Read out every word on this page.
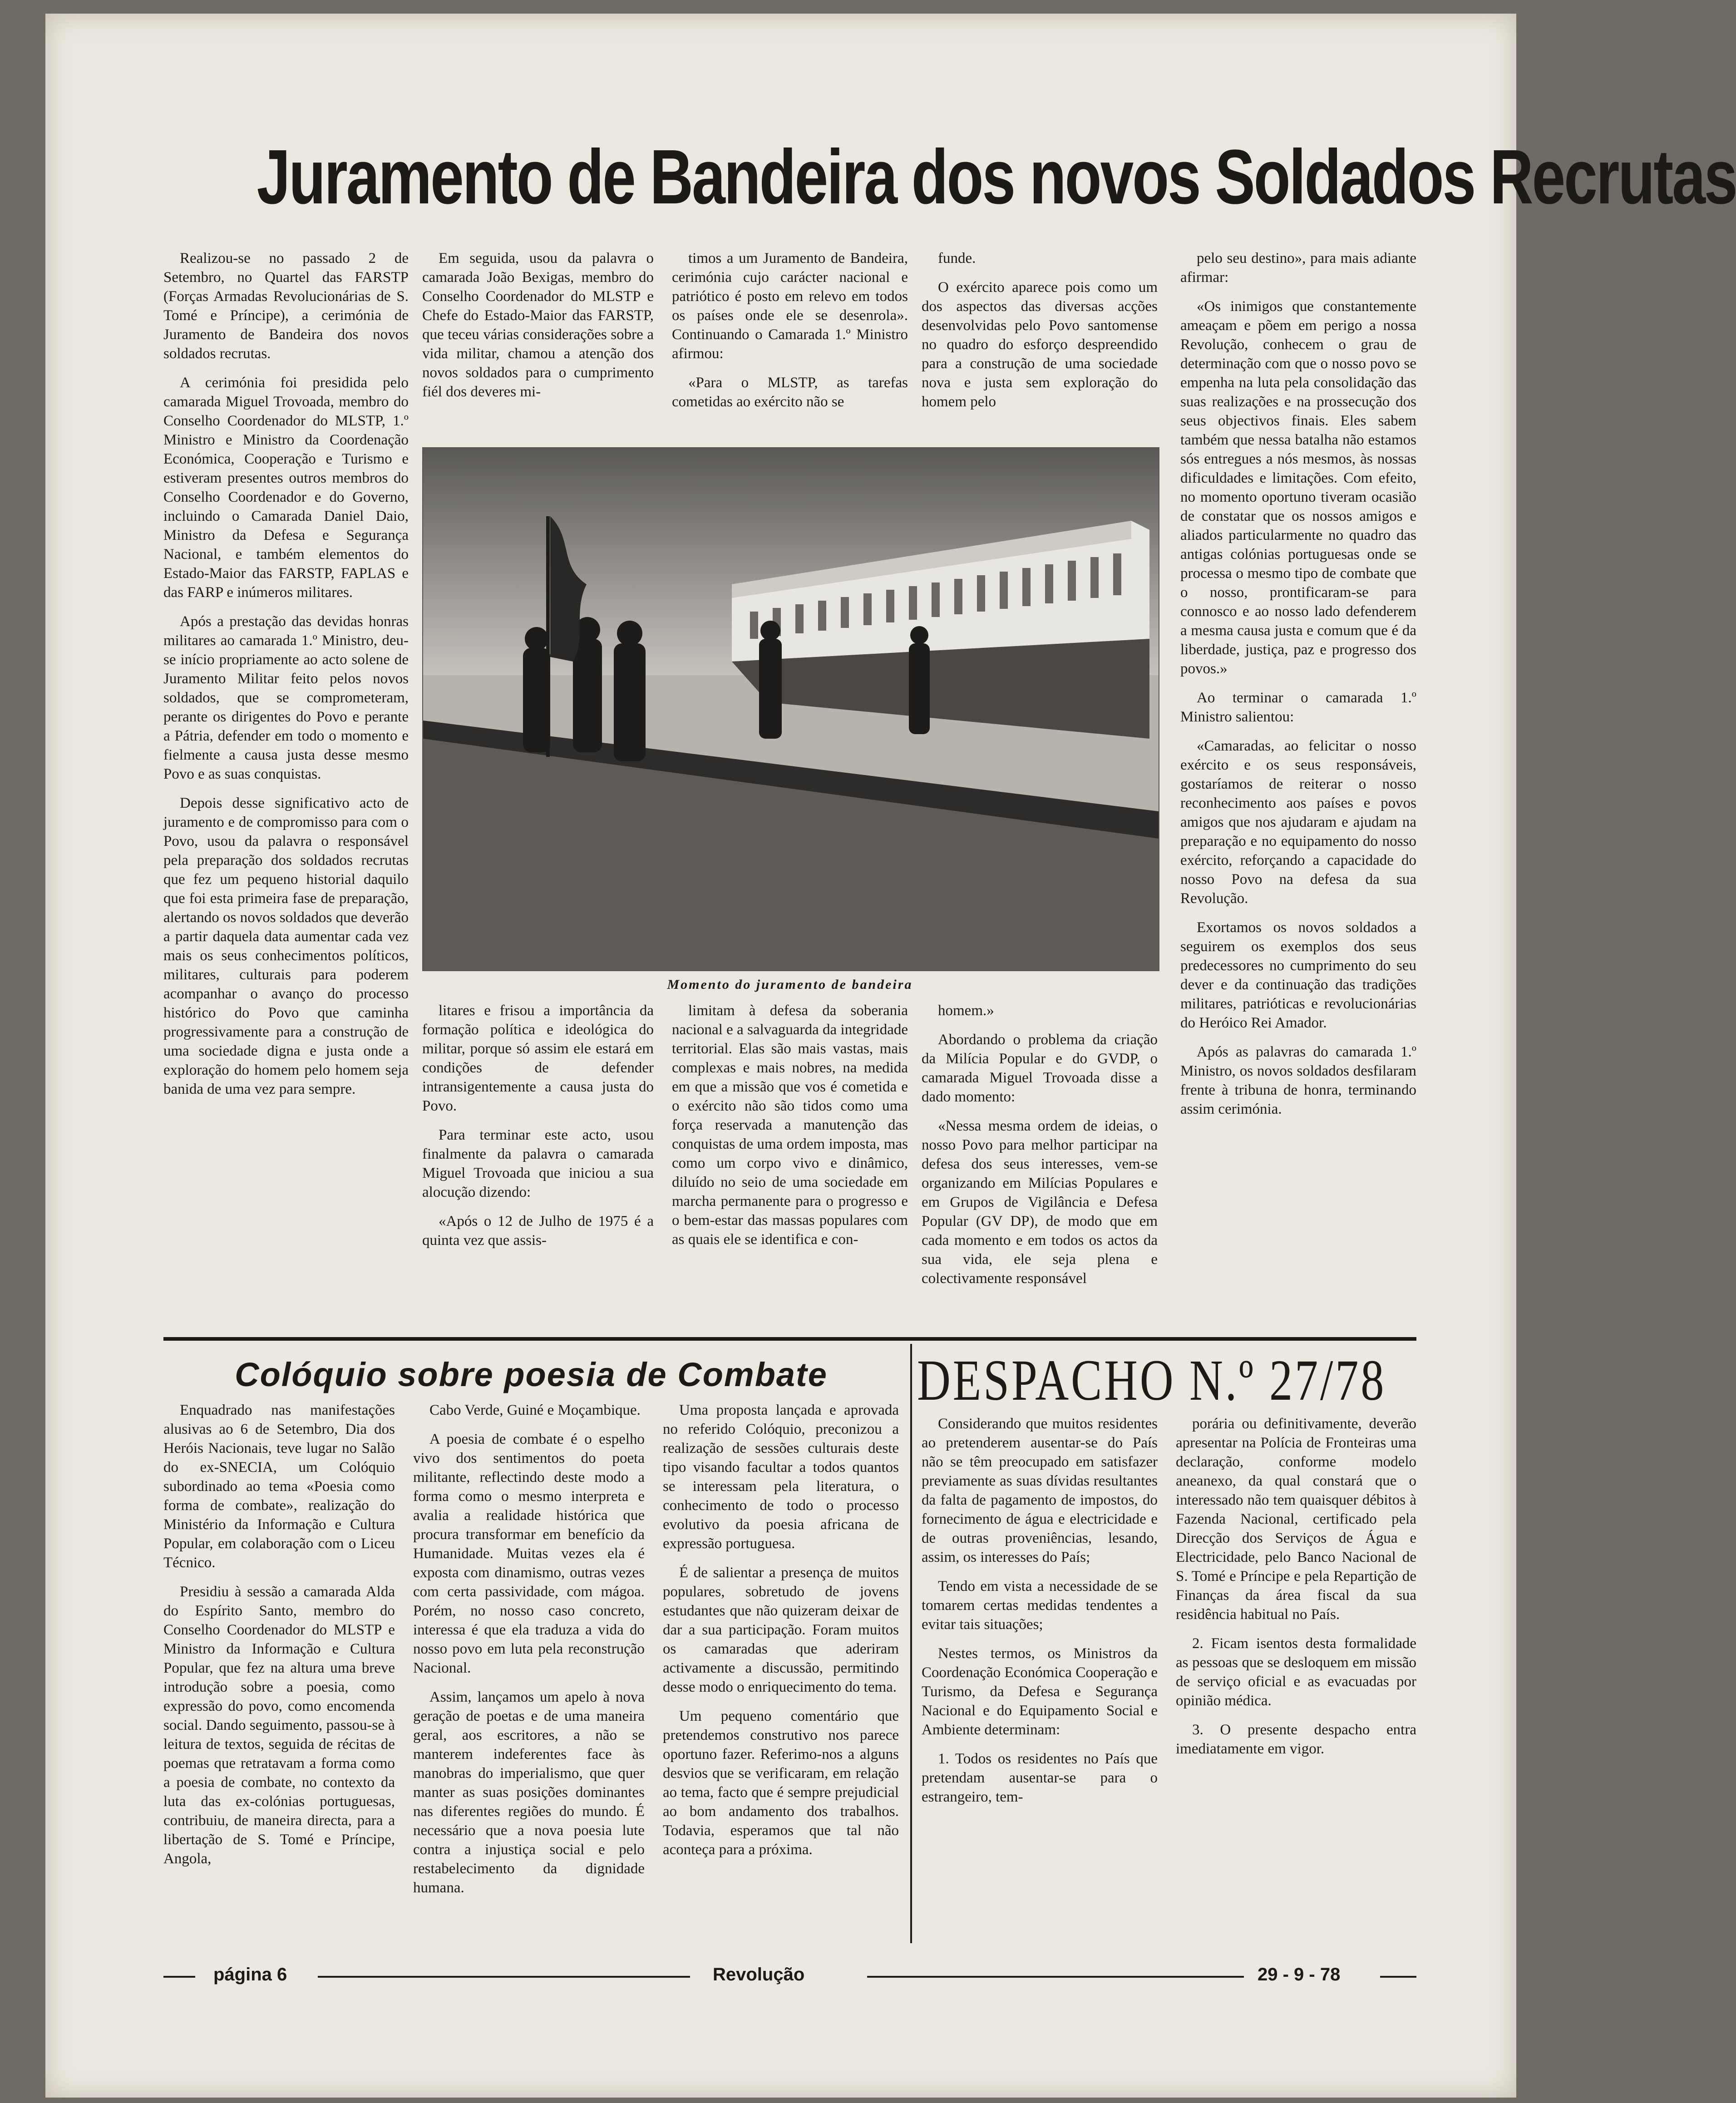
Juramento de Bandeira dos novos Soldados Recrutas

Realizou-se no passado 2 de Setembro, no Quartel das FARSTP (Forças Armadas Revolucionárias de S. Tomé e Príncipe), a cerimónia de Juramento de Bandeira dos novos soldados recrutas.

A cerimónia foi presidida pelo camarada Miguel Trovoada, membro do Conselho Coordenador do MLSTP, 1.º Ministro e Ministro da Coordenação Económica, Cooperação e Turismo e estiveram presentes outros membros do Conselho Coordenador e do Governo, incluindo o Camarada Daniel Daio, Ministro da Defesa e Segurança Nacional, e também elementos do Estado-Maior das FARSTP, FAPLAS e das FARP e inúmeros militares.

Após a prestação das devidas honras militares ao camarada 1.º Ministro, deu-se início propriamente ao acto solene de Juramento Militar feito pelos novos soldados, que se comprometeram, perante os dirigentes do Povo e perante a Pátria, defender em todo o momento e fielmente a causa justa desse mesmo Povo e as suas conquistas.

Depois desse significativo acto de juramento e de compromisso para com o Povo, usou da palavra o responsável pela preparação dos soldados recrutas que fez um pequeno historial daquilo que foi esta primeira fase de preparação, alertando os novos soldados que deverão a partir daquela data aumentar cada vez mais os seus conhecimentos políticos, militares, culturais para poderem acompanhar o avanço do processo histórico do Povo que caminha progressivamente para a construção de uma sociedade digna e justa onde a exploração do homem pelo homem seja banida de uma vez para sempre.

Em seguida, usou da palavra o camarada João Bexigas, membro do Conselho Coordenador do MLSTP e Chefe do Estado-Maior das FARSTP, que teceu várias considerações sobre a vida militar, chamou a atenção dos novos soldados para o cumprimento fiél dos deveres mi-

timos a um Juramento de Bandeira, cerimónia cujo carácter nacional e patriótico é posto em relevo em todos os países onde ele se desenrola». Continuando o Camarada 1.º Ministro afirmou:

«Para o MLSTP, as tarefas cometidas ao exército não se

funde.

O exército aparece pois como um dos aspectos das diversas acções desenvolvidas pelo Povo santomense no quadro do esforço despreendido para a construção de uma sociedade nova e justa sem exploração do homem pelo

pelo seu destino», para mais adiante afirmar:

«Os inimigos que constantemente ameaçam e põem em perigo a nossa Revolução, conhecem o grau de determinação com que o nosso povo se empenha na luta pela consolidação das suas realizações e na prossecução dos seus objectivos finais. Eles sabem também que nessa batalha não estamos sós entregues a nós mesmos, às nossas dificuldades e limitações. Com efeito, no momento oportuno tiveram ocasião de constatar que os nossos amigos e aliados particularmente no quadro das antigas colónias portuguesas onde se processa o mesmo tipo de combate que o nosso, prontificaram-se para connosco e ao nosso lado defenderem a mesma causa justa e comum que é da liberdade, justiça, paz e progresso dos povos.»

Ao terminar o camarada 1.º Ministro salientou:

«Camaradas, ao felicitar o nosso exército e os seus responsáveis, gostaríamos de reiterar o nosso reconhecimento aos países e povos amigos que nos ajudaram e ajudam na preparação e no equipamento do nosso exército, reforçando a capacidade do nosso Povo na defesa da sua Revolução.

Exortamos os novos soldados a seguirem os exemplos dos seus predecessores no cumprimento do seu dever e da continuação das tradições militares, patrióticas e revolucionárias do Heróico Rei Amador.

Após as palavras do camarada 1.º Ministro, os novos soldados desfilaram frente à tribuna de honra, terminando assim cerimónia.

Momento do juramento de bandeira

litares e frisou a importância da formação política e ideológica do militar, porque só assim ele estará em condições de defender intransigentemente a causa justa do Povo.

Para terminar este acto, usou finalmente da palavra o camarada Miguel Trovoada que iniciou a sua alocução dizendo:

«Após o 12 de Julho de 1975 é a quinta vez que assis-

limitam à defesa da soberania nacional e a salvaguarda da integridade territorial. Elas são mais vastas, mais complexas e mais nobres, na medida em que a missão que vos é cometida e o exército não são tidos como uma força reservada a manutenção das conquistas de uma ordem imposta, mas como um corpo vivo e dinâmico, diluído no seio de uma sociedade em marcha permanente para o progresso e o bem-estar das massas populares com as quais ele se identifica e con-

homem.»

Abordando o problema da criação da Milícia Popular e do GVDP, o camarada Miguel Trovoada disse a dado momento:

«Nessa mesma ordem de ideias, o nosso Povo para melhor participar na defesa dos seus interesses, vem-se organizando em Milícias Populares e em Grupos de Vigilância e Defesa Popular (GV DP), de modo que em cada momento e em todos os actos da sua vida, ele seja plena e colectivamente responsável

Colóquio sobre poesia de Combate

Enquadrado nas manifestações alusivas ao 6 de Setembro, Dia dos Heróis Nacionais, teve lugar no Salão do ex-SNECIA, um Colóquio subordinado ao tema «Poesia como forma de combate», realização do Ministério da Informação e Cultura Popular, em colaboração com o Liceu Técnico.

Presidiu à sessão a camarada Alda do Espírito Santo, membro do Conselho Coordenador do MLSTP e Ministro da Informação e Cultura Popular, que fez na altura uma breve introdução sobre a poesia, como expressão do povo, como encomenda social. Dando seguimento, passou-se à leitura de textos, seguida de récitas de poemas que retratavam a forma como a poesia de combate, no contexto da luta das ex-colónias portuguesas, contribuiu, de maneira directa, para a libertação de S. Tomé e Príncipe, Angola,

Cabo Verde, Guiné e Moçambique.

A poesia de combate é o espelho vivo dos sentimentos do poeta militante, reflectindo deste modo a forma como o mesmo interpreta e avalia a realidade histórica que procura transformar em benefício da Humanidade. Muitas vezes ela é exposta com dinamismo, outras vezes com certa passividade, com mágoa. Porém, no nosso caso concreto, interessa é que ela traduza a vida do nosso povo em luta pela reconstrução Nacional.

Assim, lançamos um apelo à nova geração de poetas e de uma maneira geral, aos escritores, a não se manterem indeferentes face às manobras do imperialismo, que quer manter as suas posições dominantes nas diferentes regiões do mundo. É necessário que a nova poesia lute contra a injustiça social e pelo restabelecimento da dignidade humana.

Uma proposta lançada e aprovada no referido Colóquio, preconizou a realização de sessões culturais deste tipo visando facultar a todos quantos se interessam pela literatura, o conhecimento de todo o processo evolutivo da poesia africana de expressão portuguesa.

É de salientar a presença de muitos populares, sobretudo de jovens estudantes que não quizeram deixar de dar a sua participação. Foram muitos os camaradas que aderiram activamente a discussão, permitindo desse modo o enriquecimento do tema.

Um pequeno comentário que pretendemos construtivo nos parece oportuno fazer. Referimo-nos a alguns desvios que se verificaram, em relação ao tema, facto que é sempre prejudicial ao bom andamento dos trabalhos. Todavia, esperamos que tal não aconteça para a próxima.

DESPACHO N.º 27/78

Considerando que muitos residentes ao pretenderem ausentar-se do País não se têm preocupado em satisfazer previamente as suas dívidas resultantes da falta de pagamento de impostos, do fornecimento de água e electricidade e de outras proveniências, lesando, assim, os interesses do País;

Tendo em vista a necessidade de se tomarem certas medidas tendentes a evitar tais situações;

Nestes termos, os Ministros da Coordenação Económica Cooperação e Turismo, da Defesa e Segurança Nacional e do Equipamento Social e Ambiente determinam:

1. Todos os residentes no País que pretendam ausentar-se para o estrangeiro, tem-

porária ou definitivamente, deverão apresentar na Polícia de Fronteiras uma declaração, conforme modelo aneanexo, da qual constará que o interessado não tem quaisquer débitos à Fazenda Nacional, certificado pela Direcção dos Serviços de Água e Electricidade, pelo Banco Nacional de S. Tomé e Príncipe e pela Repartição de Finanças da área fiscal da sua residência habitual no País.

2. Ficam isentos desta formalidade as pessoas que se desloquem em missão de serviço oficial e as evacuadas por opinião médica.

3. O presente despacho entra imediatamente em vigor.

página 6	Revolução	29 - 9 - 78
